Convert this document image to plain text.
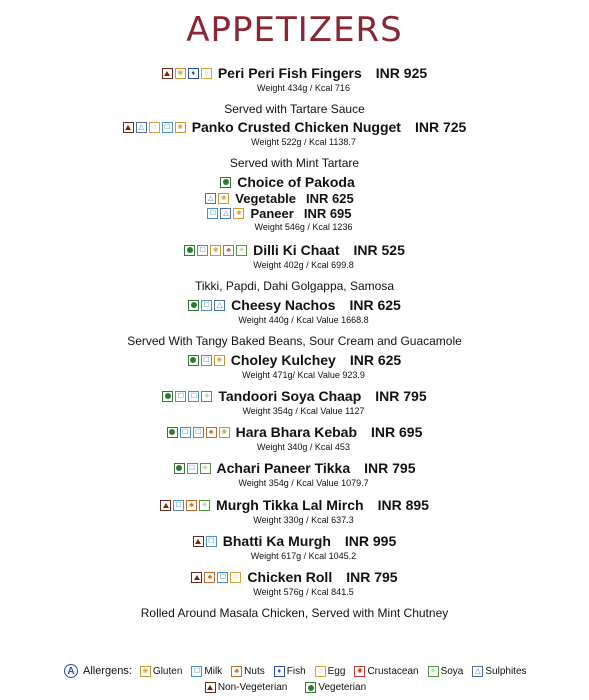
APPETIZERS
❀	♦	○ Peri Peri Fish Fingers INR 925
Weight 434g / Kcal 716
Served with Tartare Sauce
△	○	☐ ❀ Panko Crusted Chicken Nugget INR 725
Weight 522g / Kcal 1138.7
Served with Mint Tartare
Choice of Pakoda
△	❀ Vegetable INR 625
☐	△	❀ Paneer INR 695
Weight 546g / Kcal 1236
☐ ❀	♣	✧ Dilli Ki Chaat INR 525
Weight 402g / Kcal 699.8
Tikki, Papdi, Dahi Golgappa, Samosa
☐	△ Cheesy Nachos INR 625
Weight 440g / Kcal Value 1668.8
Served With Tangy Baked Beans, Sour Cream and Guacamole
☐ ❀ Choley Kulchey INR 625
Weight 471g/ Kcal Value 923.9
☐ ☐ ✧ Tandoori Soya Chaap INR 795
Weight 354g / Kcal Value 1127
☐ ☐	♣	❀ Hara Bhara Kebab INR 695
Weight 340g / Kcal 453
☐ ✧ Achari Paneer Tikka INR 795
Weight 354g / Kcal Value 1079.7
☐	♣	✧ Murgh Tikka Lal Mirch INR 895
Weight 330g / Kcal 637.3
☐ Bhatti Ka Murgh INR 995
Weight 617g / Kcal 1045.2
♣	☐	○ Chicken Roll INR 795
Weight 576g / Kcal 841.5
Rolled Around Masala Chicken, Served with Mint Chutney
A Allergens:	❀ Gluten	☐ Milk	♣ Nuts	♦ Fish	○ Egg	✺ Crustacean	✧ Soya	△ Sulphites
Non-Vegeterian	Vegeterian
